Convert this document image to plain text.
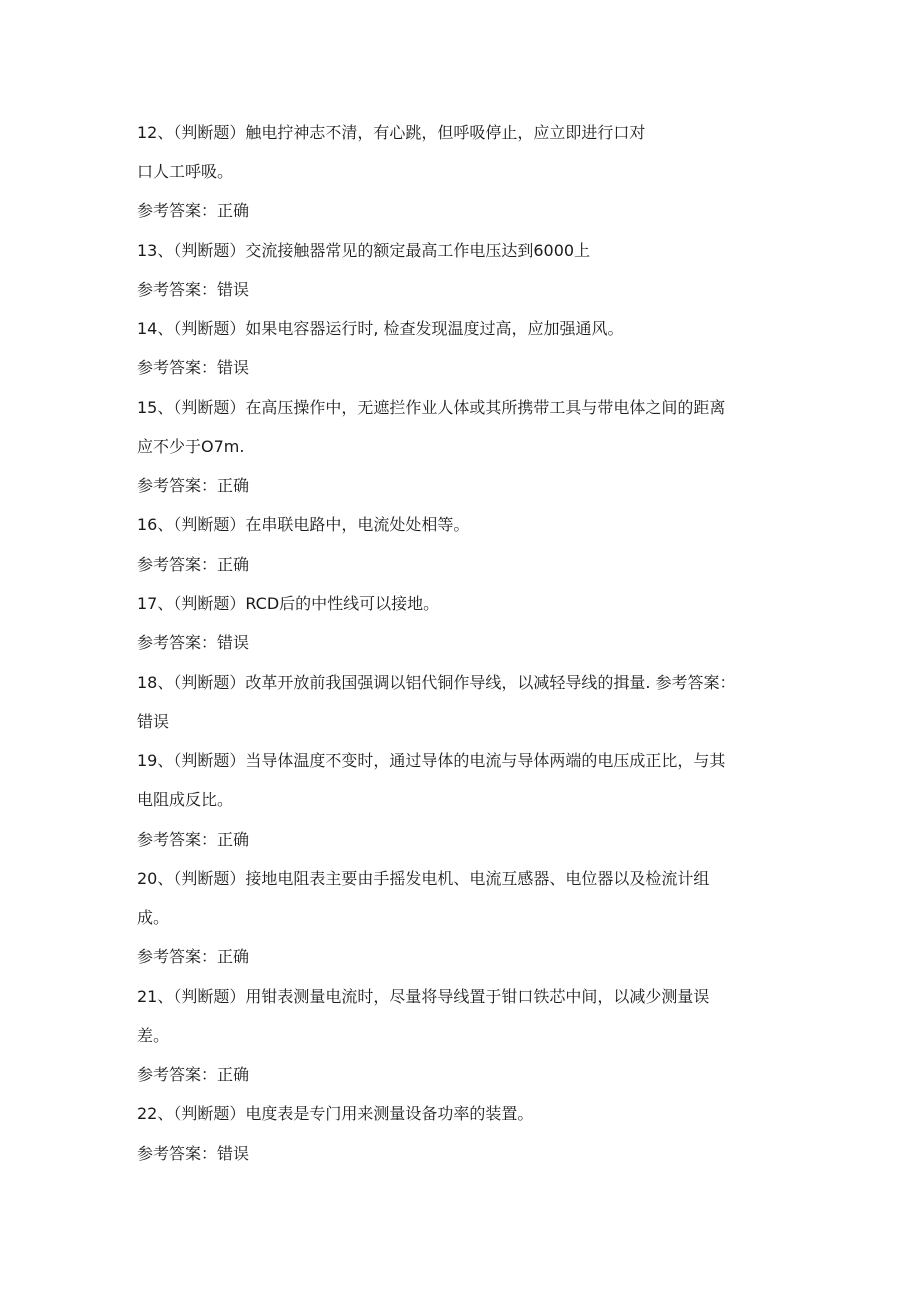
12、（判断题）触电拧神志不清，有心跳，但呼吸停止，应立即进行口对
口人工呼吸。
参考答案：正确
13、（判断题）交流接触器常见的额定最高工作电压达到6000上
参考答案：错误
14、（判断题）如果电容器运行时, 检查发现温度过高，应加强通风。
参考答案：错误
15、（判断题）在高压操作中，无遮拦作业人体或其所携带工具与带电体之间的距离
应不少于O7m.
参考答案：正确
16、（判断题）在串联电路中，电流处处相等。
参考答案：正确
17、（判断题）RCD后的中性线可以接地。
参考答案：错误
18、（判断题）改革开放前我国强调以铝代铜作导线，以减轻导线的揖量. 参考答案：
错误
19、（判断题）当导体温度不变时，通过导体的电流与导体两端的电压成正比，与其
电阻成反比。
参考答案：正确
20、（判断题）接地电阻表主要由手摇发电机、电流互感器、电位器以及检流计组
成。
参考答案：正确
21、（判断题）用钳表测量电流时，尽量将导线置于钳口铁芯中间，以减少测量误
差。
参考答案：正确
22、（判断题）电度表是专门用来测量设备功率的装置。
参考答案：错误
